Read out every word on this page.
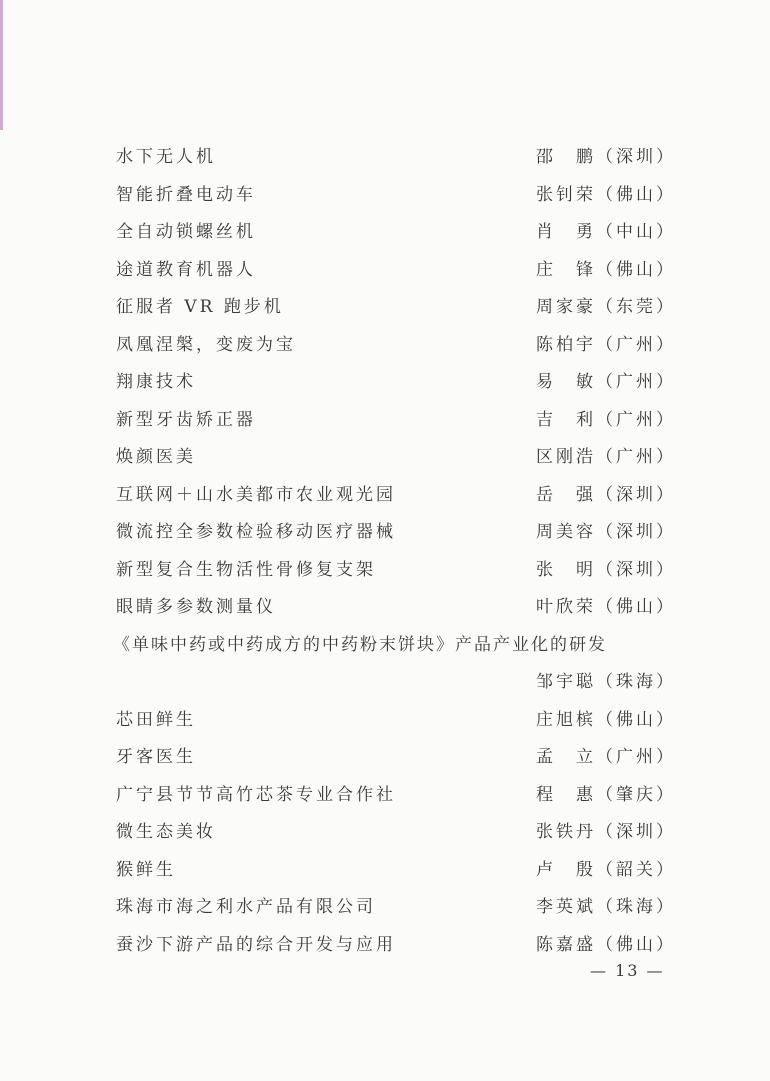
水下无人机	邵　鹏（深圳）
智能折叠电动车	张钊荣（佛山）
全自动锁螺丝机	肖　勇（中山）
途道教育机器人	庄　锋（佛山）
征服者 VR 跑步机	周家豪（东莞）
凤凰涅槃，变废为宝	陈柏宇（广州）
翔康技术	易　敏（广州）
新型牙齿矫正器	吉　利（广州）
焕颜医美	区刚浩（广州）
互联网＋山水美都市农业观光园	岳　强（深圳）
微流控全参数检验移动医疗器械	周美容（深圳）
新型复合生物活性骨修复支架	张　明（深圳）
眼睛多参数测量仪	叶欣荣（佛山）
《单味中药或中药成方的中药粉末饼块》产品产业化的研发
邹宇聪（珠海）
芯田鲜生	庄旭槟（佛山）
牙客医生	孟　立（广州）
广宁县节节高竹芯茶专业合作社	程　惠（肇庆）
微生态美妆	张铁丹（深圳）
猴鲜生	卢　殷（韶关）
珠海市海之利水产品有限公司	李英斌（珠海）
蚕沙下游产品的综合开发与应用	陈嘉盛（佛山）
— 13 —
